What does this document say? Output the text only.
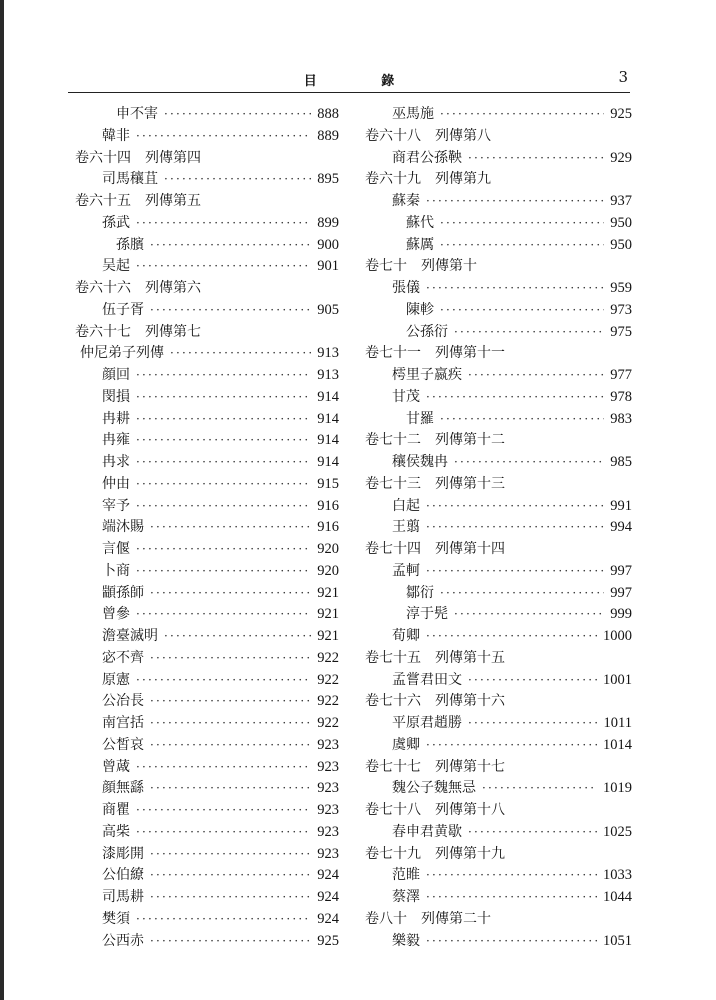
目 錄	3
申不害 ·····	888
韓非 ·····	889
卷六十四　列傳第四
司馬穰苴 ·····	895
卷六十五　列傳第五
孫武 ·····	899
孫臏 ·····	900
吴起 ·····	901
卷六十六　列傳第六
伍子胥 ·····	905
卷六十七　列傳第七
仲尼弟子列傳 ·····	913
顔回 ·····	913
閔損 ·····	914
冉耕 ·····	914
冉雍 ·····	914
冉求 ·····	914
仲由 ·····	915
宰予 ·····	916
端沐賜 ·····	916
言偃 ·····	920
卜商 ·····	920
顓孫師 ·····	921
曾參 ·····	921
澹臺滅明 ·····	921
宓不齊 ·····	922
原憲 ·····	922
公冶長 ·····	922
南宫括 ·····	922
公皙哀 ·····	923
曾蒧 ·····	923
顔無繇 ·····	923
商瞿 ·····	923
高柴 ·····	923
漆彫開 ·····	923
公伯繚 ·····	924
司馬耕 ·····	924
樊須 ·····	924
公西赤 ·····	925
巫馬施 ·····	925
卷六十八　列傳第八
商君公孫鞅 ·····	929
卷六十九　列傳第九
蘇秦 ·····	937
蘇代 ·····	950
蘇厲 ·····	950
卷七十　列傳第十
張儀 ·····	959
陳軫 ·····	973
公孫衍 ·····	975
卷七十一　列傳第十一
樗里子嬴疾 ·····	977
甘茂 ·····	978
甘羅 ·····	983
卷七十二　列傳第十二
穰侯魏冉 ·····	985
卷七十三　列傳第十三
白起 ·····	991
王翦 ·····	994
卷七十四　列傳第十四
孟軻 ·····	997
鄒衍 ·····	997
淳于髡 ·····	999
荀卿 ·····	1000
卷七十五　列傳第十五
孟嘗君田文 ·····	1001
卷七十六　列傳第十六
平原君趙勝 ·····	1011
虞卿 ·····	1014
卷七十七　列傳第十七
魏公子魏無忌 ·····	1019
卷七十八　列傳第十八
春申君黄歇 ·····	1025
卷七十九　列傳第十九
范睢 ·····	1033
蔡澤 ·····	1044
卷八十　列傳第二十
樂毅 ·····	1051
